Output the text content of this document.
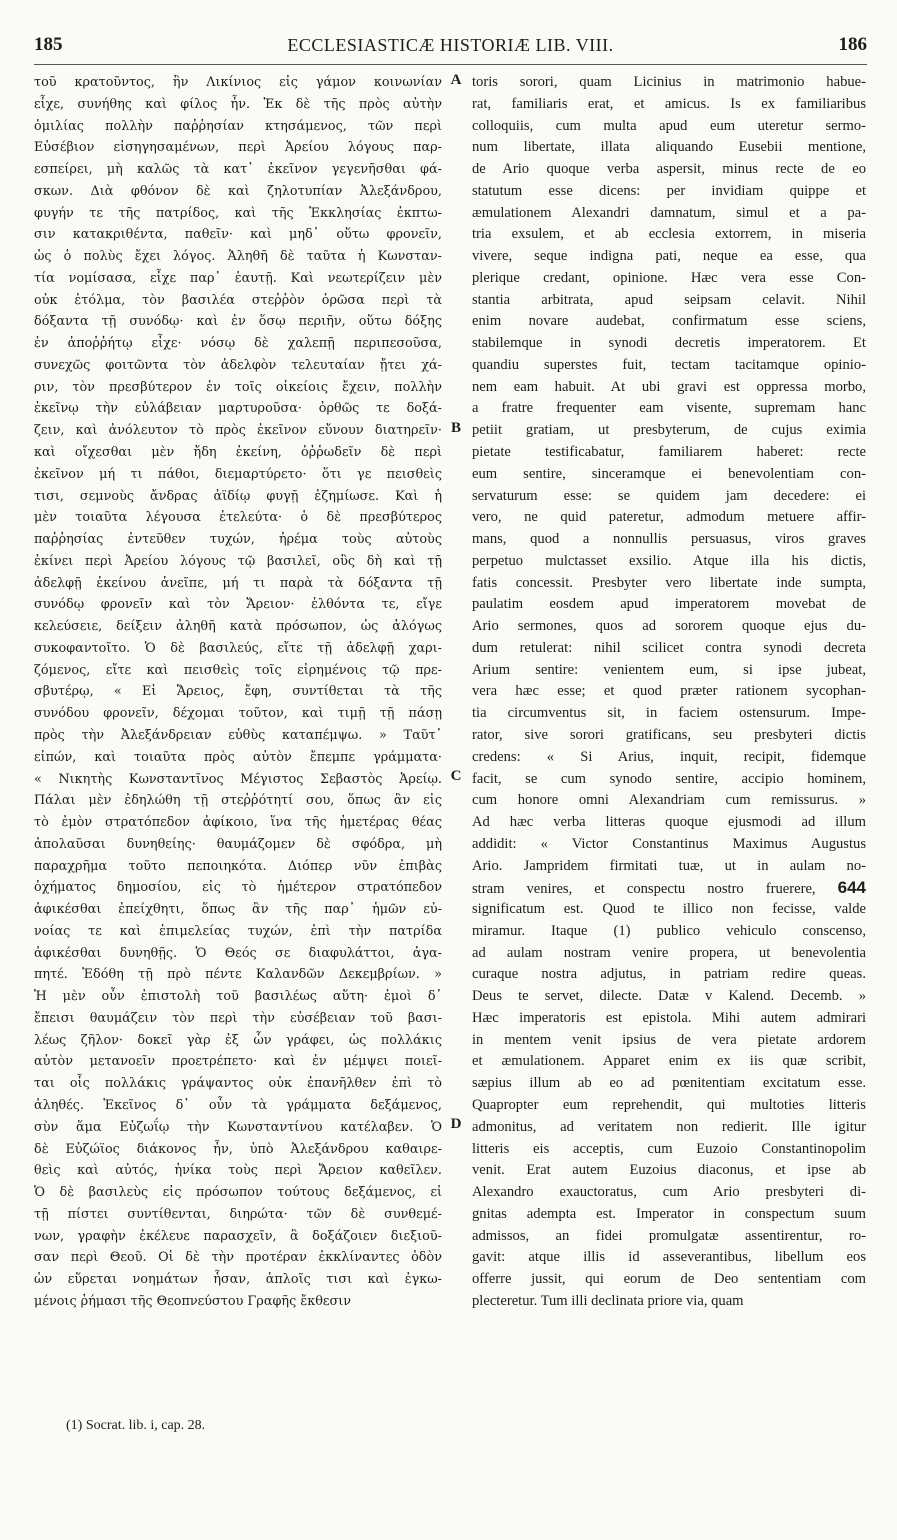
185	ECCLESIASTICÆ HISTORIÆ LIB. VIII.	186
τοῦ κρατοῦντος, ἣν Λικίνιος εἰς γάμον κοινωνίαν
εἶχε, συνήθης καὶ φίλος ἦν. Ἐκ δὲ τῆς πρὸς αὐτὴν
ὁμιλίας πολλὴν παῤῥησίαν κτησάμενος, τῶν περὶ
Εὐσέβιον εἰσηγησαμένων, περὶ Ἀρείου λόγους παρ-
εσπείρει, μὴ καλῶς τὰ κατ᾽ ἐκεῖνον γεγενῆσθαι φά-
σκων. Διὰ φθόνον δὲ καὶ ζηλοτυπίαν Ἀλεξάνδρου,
φυγήν τε τῆς πατρίδος, καὶ τῆς Ἐκκλησίας ἐκπτω-
σιν κατακριθέντα, παθεῖν· καὶ μηδ᾽ οὕτω φρονεῖν,
ὡς ὁ πολὺς ἔχει λόγος. Ἀληθῆ δὲ ταῦτα ἡ Κωνσταν-
τία νομίσασα, εἶχε παρ᾽ ἑαυτῇ. Καὶ νεωτερίζειν μὲν
οὐκ ἐτόλμα, τὸν βασιλέα στεῤῥὸν ὁρῶσα περὶ τὰ
δόξαντα τῇ συνόδῳ· καὶ ἐν ὅσῳ περιῆν, οὕτω δόξης
ἐν ἀποῤῥήτῳ εἶχε· νόσῳ δὲ χαλεπῇ περιπεσοῦσα,
συνεχῶς φοιτῶντα τὸν ἀδελφὸν τελευταίαν ᾔτει χά-
ριν, τὸν πρεσβύτερον ἐν τοῖς οἰκείοις ἔχειν, πολλὴν
ἐκεῖνῳ τὴν εὐλάβειαν μαρτυροῦσα· ὀρθῶς τε δοξά-
ζειν, καὶ ἀνόλευτον τὸ πρὸς ἐκεῖνον εὔνουν διατηρεῖν·
καὶ οἴχεσθαι μὲν ἤδη ἐκείνη, ὀῤῥωδεῖν δὲ περὶ
ἐκεῖνον μή τι πάθοι, διεμαρτύρετο· ὅτι γε πεισθεὶς
τισι, σεμνοὺς ἄνδρας ἀϊδίῳ φυγῇ ἐζημίωσε. Καὶ ἡ
μὲν τοιαῦτα λέγουσα ἐτελεύτα· ὁ δὲ πρεσβύτερος
παῤῥησίας ἐντεῦθεν τυχών, ἠρέμα τοὺς αὐτοὺς
ἐκίνει περὶ Ἀρείου λόγους τῷ βασιλεῖ, οὓς δὴ καὶ τῇ
ἀδελφῇ ἐκείνου ἀνεῖπε, μή τι παρὰ τὰ δόξαντα τῇ
συνόδῳ φρονεῖν καὶ τὸν Ἄρειον· ἐλθόντα τε, εἴγε
κελεύσειε, δείξειν ἀληθῆ κατὰ πρόσωπον, ὡς ἀλόγως
συκοφαντοῖτο. Ὁ δὲ βασιλεύς, εἴτε τῇ ἀδελφῇ χαρι-
ζόμενος, εἴτε καὶ πεισθεὶς τοῖς εἰρημένοις τῷ πρε-
σβυτέρῳ, « Εἰ Ἄρειος, ἔφη, συντίθεται τὰ τῆς
συνόδου φρονεῖν, δέχομαι τοῦτον, καὶ τιμῇ τῇ πάσῃ
πρὸς τὴν Ἀλεξάνδρειαν εὐθὺς καταπέμψω. » Ταῦτ᾽
εἰπών, καὶ τοιαῦτα πρὸς αὐτὸν ἔπεμπε γράμματα·
« Νικητὴς Κωνσταντῖνος Μέγιστος Σεβαστὸς Ἀρείῳ.
Πάλαι μὲν ἐδηλώθη τῇ στεῤῥότητί σου, ὅπως ἂν εἰς
τὸ ἐμὸν στρατόπεδον ἀφίκοιο, ἵνα τῆς ἡμετέρας θέας
ἀπολαῦσαι δυνηθείης· θαυμάζομεν δὲ σφόδρα, μὴ
παραχρῆμα τοῦτο πεποιηκότα. Διόπερ νῦν ἐπιβὰς
ὀχήματος δημοσίου, εἰς τὸ ἡμέτερον στρατόπεδον
ἀφικέσθαι ἐπείχθητι, ὅπως ἂν τῆς παρ᾽ ἡμῶν εὐ-
νοίας τε καὶ ἐπιμελείας τυχών, ἐπὶ τὴν πατρίδα
ἀφικέσθαι δυνηθῇς. Ὁ Θεός σε διαφυλάττοι, ἀγα-
πητέ. Ἐδόθη τῇ πρὸ πέντε Καλανδῶν Δεκεμβρίων. »
Ἡ μὲν οὖν ἐπιστολὴ τοῦ βασιλέως αὕτη· ἐμοὶ δ᾽
ἔπεισι θαυμάζειν τὸν περὶ τὴν εὐσέβειαν τοῦ βασι-
λέως ζῆλον· δοκεῖ γὰρ ἐξ ὧν γράφει, ὡς πολλάκις
αὐτὸν μετανοεῖν προετρέπετο· καὶ ἐν μέμψει ποιεῖ-
ται οἷς πολλάκις γράψαντος οὐκ ἐπανῆλθεν ἐπὶ τὸ
ἀληθές. Ἐκεῖνος δ᾽ οὖν τὰ γράμματα δεξάμενος,
σὺν ἅμα Εὐζωΐῳ τὴν Κωνσταντίνου κατέλαβεν. Ὁ
δὲ Εὐζώϊος διάκονος ἦν, ὑπὸ Ἀλεξάνδρου καθαιρε-
θεὶς καὶ αὐτός, ἡνίκα τοὺς περὶ Ἄρειον καθεῖλεν.
Ὁ δὲ βασιλεὺς εἰς πρόσωπον τούτους δεξάμενος, εἰ
τῇ πίστει συντίθενται, διηρώτα· τῶν δὲ συνθεμέ-
νων, γραφὴν ἐκέλευε παρασχεῖν, ἃ δοξάζοιεν διεξιοῦ-
σαν περὶ Θεοῦ. Οἱ δὲ τὴν προτέραν ἐκκλίναντες ὁδὸν
ὡν εὕρεται νοημάτων ἦσαν, ἁπλοῖς τισι καὶ ἐγκω-
μένοις ῥήμασι τῆς Θεοπνεύστου Γραφῆς ἔκθεσιν
toris sorori, quam Licinius in matrimonio habue-
rat, familiaris erat, et amicus. Is ex familiaribus
colloquiis, cum multa apud eum uteretur sermo-
num libertate, illata aliquando Eusebii mentione,
de Ario quoque verba aspersit, minus recte de eo
statutum esse dicens: per invidiam quippe et
æmulationem Alexandri damnatum, simul et a pa-
tria exsulem, et ab ecclesia extorrem, in miseria
vivere, seque indigna pati, neque ea esse, qua
plerique credant, opinione. Hæc vera esse Con-
stantia arbitrata, apud seipsam celavit. Nihil
enim novare audebat, confirmatum esse sciens,
stabilemque in synodi decretis imperatorem. Et
quandiu superstes fuit, tectam tacitamque opinio-
nem eam habuit. At ubi gravi est oppressa morbo,
a fratre frequenter eam visente, supremam hanc
petiit gratiam, ut presbyterum, de cujus eximia
pietate testificabatur, familiarem haberet: recte
eum sentire, sinceramque ei benevolentiam con-
servaturum esse: se quidem jam decedere: ei
vero, ne quid pateretur, admodum metuere affir-
mans, quod a nonnullis persuasus, viros graves
perpetuo mulctasset exsilio. Atque illa his dictis,
fatis concessit. Presbyter vero libertate inde sumpta,
paulatim eosdem apud imperatorem movebat de
Ario sermones, quos ad sororem quoque ejus du-
dum retulerat: nihil scilicet contra synodi decreta
Arium sentire: venientem eum, si ipse jubeat,
vera hæc esse; et quod præter rationem sycophan-
tia circumventus sit, in faciem ostensurum. Impe-
rator, sive sorori gratificans, seu presbyteri dictis
credens: « Si Arius, inquit, recipit, fidemque
facit, se cum synodo sentire, accipio hominem,
cum honore omni Alexandriam cum remissurus. »
Ad hæc verba litteras quoque ejusmodi ad illum
addidit: « Victor Constantinus Maximus Augustus
Ario. Jampridem firmitati tuæ, ut in aulam no-
stram venires, et conspectu nostro fruerere, 644
significatum est. Quod te illico non fecisse, valde
miramur. Itaque (1) publico vehiculo conscenso,
ad aulam nostram venire propera, ut benevolentia
curaque nostra adjutus, in patriam redire queas.
Deus te servet, dilecte. Datæ v Kalend. Decemb. »
Hæc imperatoris est epistola. Mihi autem admirari
in mentem venit ipsius de vera pietate ardorem
et æmulationem. Apparet enim ex iis quæ scribit,
sæpius illum ab eo ad pœnitentiam excitatum esse.
Quapropter eum reprehendit, qui multoties litteris
admonitus, ad veritatem non redierit. Ille igitur
litteris eis acceptis, cum Euzoio Constantinopolim
venit. Erat autem Euzoius diaconus, et ipse ab
Alexandro exauctoratus, cum Ario presbyteri di-
gnitas adempta est. Imperator in conspectum suum
admissos, an fidei promulgatæ assentirentur, ro-
gavit: atque illis id asseverantibus, libellum eos
offerre jussit, qui eorum de Deo sententiam com
plecteretur. Tum illi declinata priore via, quam
A
B
C
D
(1) Socrat. lib. i, cap. 28.
